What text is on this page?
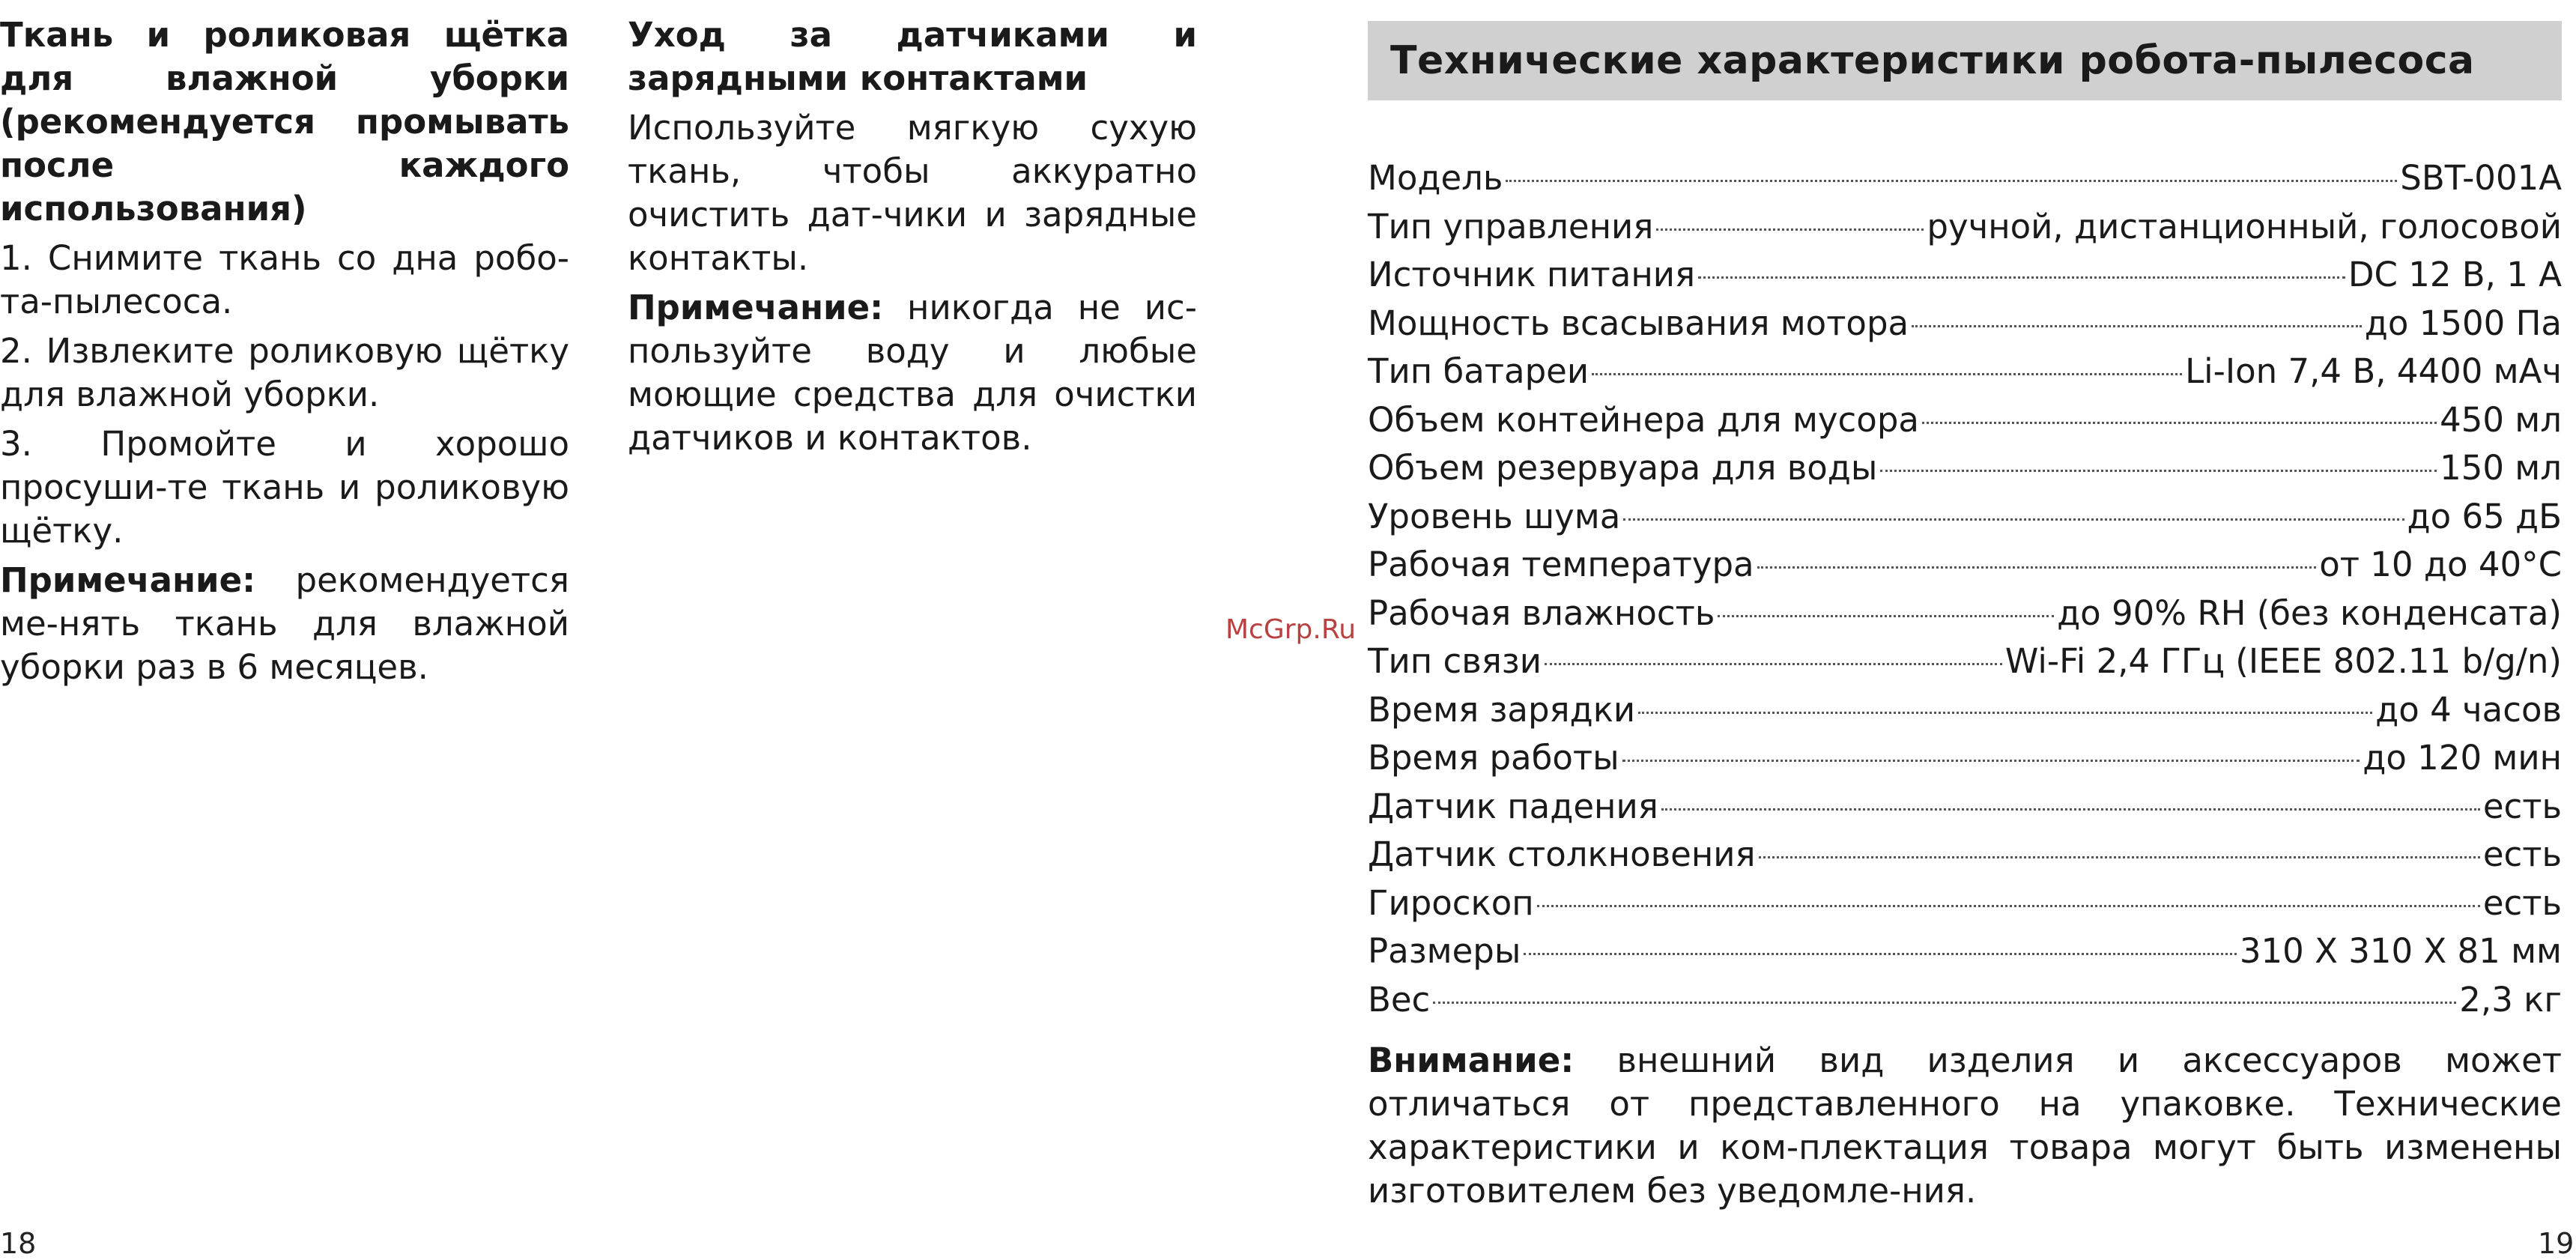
Ткань и роликовая щётка для влажной уборки (рекомендуется промывать после каждого использования)

1. Снимите ткань со дна робо-та-пылесоса.

2. Извлеките роликовую щётку для влажной уборки.

3. Промойте и хорошо просуши-те ткань и роликовую щётку.

Примечание: рекомендуется ме-нять ткань для влажной уборки раз в 6 месяцев.

Уход за датчиками и зарядными контактами

Используйте мягкую сухую ткань, чтобы аккуратно очистить дат-чики и зарядные контакты.

Примечание: никогда не ис-пользуйте воду и любые моющие средства для очистки датчиков и контактов.

McGrp.Ru
Технические характеристики робота-пылесоса
Модель	SBT-001A
Тип управления	ручной, дистанционный, голосовой
Источник питания	DC 12 В, 1 А
Мощность всасывания мотора	до 1500 Па
Тип батареи	Li-Ion 7,4 В, 4400 мАч
Объем контейнера для мусора	450 мл
Объем резервуара для воды	150 мл
Уровень шума	до 65 дБ
Рабочая температура	от 10 до 40°С
Рабочая влажность	до 90% RH (без конденсата)
Тип связи	Wi-Fi 2,4 ГГц (IEEE 802.11 b/g/n)
Время зарядки	до 4 часов
Время работы	до 120 мин
Датчик падения	есть
Датчик столкновения	есть
Гироскоп	есть
Размеры	310 Х 310 Х 81 мм
Вес	2,3 кг
Внимание: внешний вид изделия и аксессуаров может отличаться от представленного на упаковке. Технические характеристики и ком-плектация товара могут быть изменены изготовителем без уведомле-ния.
18	19
